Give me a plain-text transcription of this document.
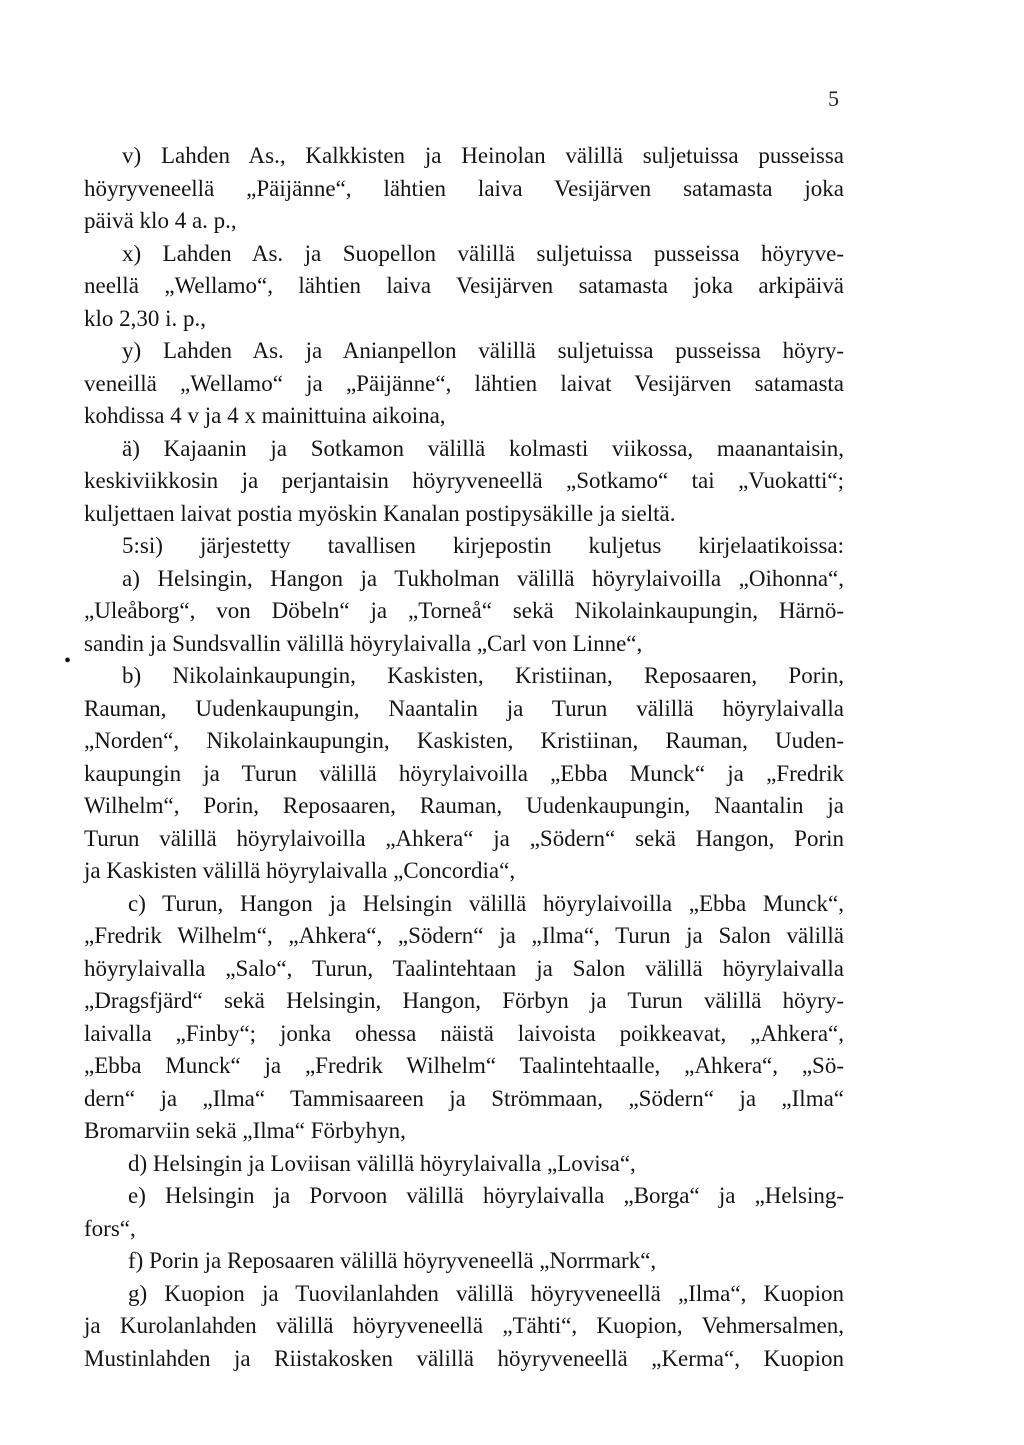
5
•
v) Lahden As., Kalkkisten ja Heinolan välillä suljetuissa pusseissa
höyryveneellä „Päijänne“, lähtien laiva Vesijärven satamasta joka
päivä klo 4 a. p.,
x) Lahden As. ja Suopellon välillä suljetuissa pusseissa höyryve-
neellä „Wellamo“, lähtien laiva Vesijärven satamasta joka arkipäivä
klo 2,30 i. p.,
y) Lahden As. ja Anianpellon välillä suljetuissa pusseissa höyry-
veneillä „Wellamo“ ja „Päijänne“, lähtien laivat Vesijärven satamasta
kohdissa 4 v ja 4 x mainittuina aikoina,
ä) Kajaanin ja Sotkamon välillä kolmasti viikossa, maanantaisin,
keskiviikkosin ja perjantaisin höyryveneellä „Sotkamo“ tai „Vuokatti“;
kuljettaen laivat postia myöskin Kanalan postipysäkille ja sieltä.
5:si) järjestetty tavallisen kirjepostin kuljetus kirjelaatikoissa:
a) Helsingin, Hangon ja Tukholman välillä höyrylaivoilla „Oihonna“,
„Uleåborg“, von Döbeln“ ja „Torneå“ sekä Nikolainkaupungin, Härnö-
sandin ja Sundsvallin välillä höyrylaivalla „Carl von Linne“,
b) Nikolainkaupungin, Kaskisten, Kristiinan, Reposaaren, Porin,
Rauman, Uudenkaupungin, Naantalin ja Turun välillä höyrylaivalla
„Norden“, Nikolainkaupungin, Kaskisten, Kristiinan, Rauman, Uuden-
kaupungin ja Turun välillä höyrylaivoilla „Ebba Munck“ ja „Fredrik
Wilhelm“, Porin, Reposaaren, Rauman, Uudenkaupungin, Naantalin ja
Turun välillä höyrylaivoilla „Ahkera“ ja „Södern“ sekä Hangon, Porin
ja Kaskisten välillä höyrylaivalla „Concordia“,
c) Turun, Hangon ja Helsingin välillä höyrylaivoilla „Ebba Munck“,
„Fredrik Wilhelm“, „Ahkera“, „Södern“ ja „Ilma“, Turun ja Salon välillä
höyrylaivalla „Salo“, Turun, Taalintehtaan ja Salon välillä höyrylaivalla
„Dragsfjärd“ sekä Helsingin, Hangon, Förbyn ja Turun välillä höyry-
laivalla „Finby“; jonka ohessa näistä laivoista poikkeavat, „Ahkera“,
„Ebba Munck“ ja „Fredrik Wilhelm“ Taalintehtaalle, „Ahkera“, „Sö-
dern“ ja „Ilma“ Tammisaareen ja Strömmaan, „Södern“ ja „Ilma“
Bromarviin sekä „Ilma“ Förbyhyn,
d) Helsingin ja Loviisan välillä höyrylaivalla „Lovisa“,
e) Helsingin ja Porvoon välillä höyrylaivalla „Borga“ ja „Helsing-
fors“,
f) Porin ja Reposaaren välillä höyryveneellä „Norrmark“,
g) Kuopion ja Tuovilanlahden välillä höyryveneellä „Ilma“, Kuopion
ja Kurolanlahden välillä höyryveneellä „Tähti“, Kuopion, Vehmersalmen,
Mustinlahden ja Riistakosken välillä höyryveneellä „Kerma“, Kuopion
